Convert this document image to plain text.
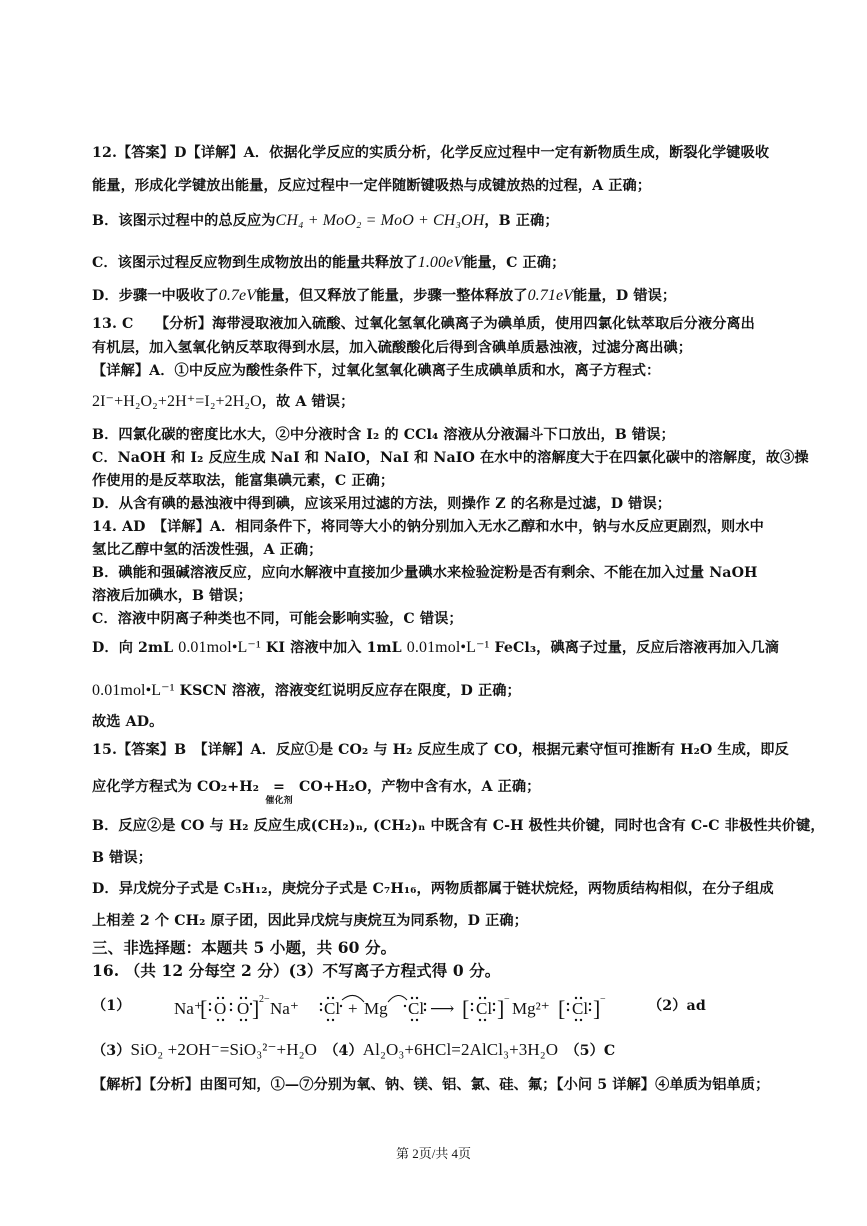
12.【答案】D【详解】A．依据化学反应的实质分析，化学反应过程中一定有新物质生成，断裂化学键吸收
能量，形成化学键放出能量，反应过程中一定伴随断键吸热与成键放热的过程，A 正确；
B．该图示过程中的总反应为CH₄ + MoO₂ = MoO + CH₃OH，B 正确；
C．该图示过程反应物到生成物放出的能量共释放了1.00eV能量，C 正确；
D．步骤一中吸收了0.7eV能量，但又释放了能量，步骤一整体释放了0.71eV能量，D 错误；
13. C　　【分析】海带浸取液加入硫酸、过氧化氢氧化碘离子为碘单质，使用四氯化钛萃取后分液分离出
有机层，加入氢氧化钠反萃取得到水层，加入硫酸酸化后得到含碘单质悬浊液，过滤分离出碘；
【详解】A．①中反应为酸性条件下，过氧化氢氧化碘离子生成碘单质和水，离子方程式：
2I⁻+H₂O₂+2H⁺=I₂+2H₂O，故 A 错误；
B．四氯化碳的密度比水大，②中分液时含 I₂ 的 CCl₄ 溶液从分液漏斗下口放出，B 错误；
C．NaOH 和 I₂ 反应生成 NaI 和 NaIO，NaI 和 NaIO 在水中的溶解度大于在四氯化碳中的溶解度，故③操
作使用的是反萃取法，能富集碘元素，C 正确；
D．从含有碘的悬浊液中得到碘，应该采用过滤的方法，则操作 Z 的名称是过滤，D 错误；
14. AD　【详解】A．相同条件下，将同等大小的钠分别加入无水乙醇和水中，钠与水反应更剧烈，则水中
氢比乙醇中氢的活泼性强，A 正确；
B．碘能和强碱溶液反应，应向水解液中直接加少量碘水来检验淀粉是否有剩余、不能在加入过量 NaOH
溶液后加碘水，B 错误；
C．溶液中阴离子种类也不同，可能会影响实验，C 错误；
D．向 2mL 0.01mol•L⁻¹ KI 溶液中加入 1mL 0.01mol•L⁻¹ FeCl₃，碘离子过量，反应后溶液再加入几滴
0.01mol•L⁻¹ KSCN 溶液，溶液变红说明反应存在限度，D 正确；
故选 AD。
15.【答案】B　【详解】A．反应①是 CO₂ 与 H₂ 反应生成了 CO，根据元素守恒可推断有 H₂O 生成，即反
应化学方程式为 CO₂+H₂ =
催化剂
CO+H₂O，产物中含有水，A 正确；
B．反应②是 CO 与 H₂ 反应生成(CH₂)ₙ, (CH₂)ₙ 中既含有 C-H 极性共价键，同时也含有 C-C 非极性共价键，
B 错误；
D．异戊烷分子式是 C₅H₁₂，庚烷分子式是 C₇H₁₆，两物质都属于链状烷烃，两物质结构相似，在分子组成
上相差 2 个 CH₂ 原子团，因此异戊烷与庚烷互为同系物，D 正确；
三、非选择题：本题共 5 小题，共 60 分。
16. （共 12 分每空 2 分）(3）不写离子方程式得 0 分。
（1）	Na⁺
[ O O ] 2− Na⁺ Cl + Mg Cl ⟶ [ Cl ] − Mg²⁺ [ Cl ] −	（2）ad
（3）SiO₂ +2OH⁻=SiO₃²⁻+H₂O　 （4）Al₂O₃+6HCl=2AlCl₃+3H₂O　 （5）C
【解析】【分析】由图可知，①—⑦分别为氧、钠、镁、铝、氯、硅、氟；【小问 5 详解】④单质为铝单质；
第 2页/共 4页
